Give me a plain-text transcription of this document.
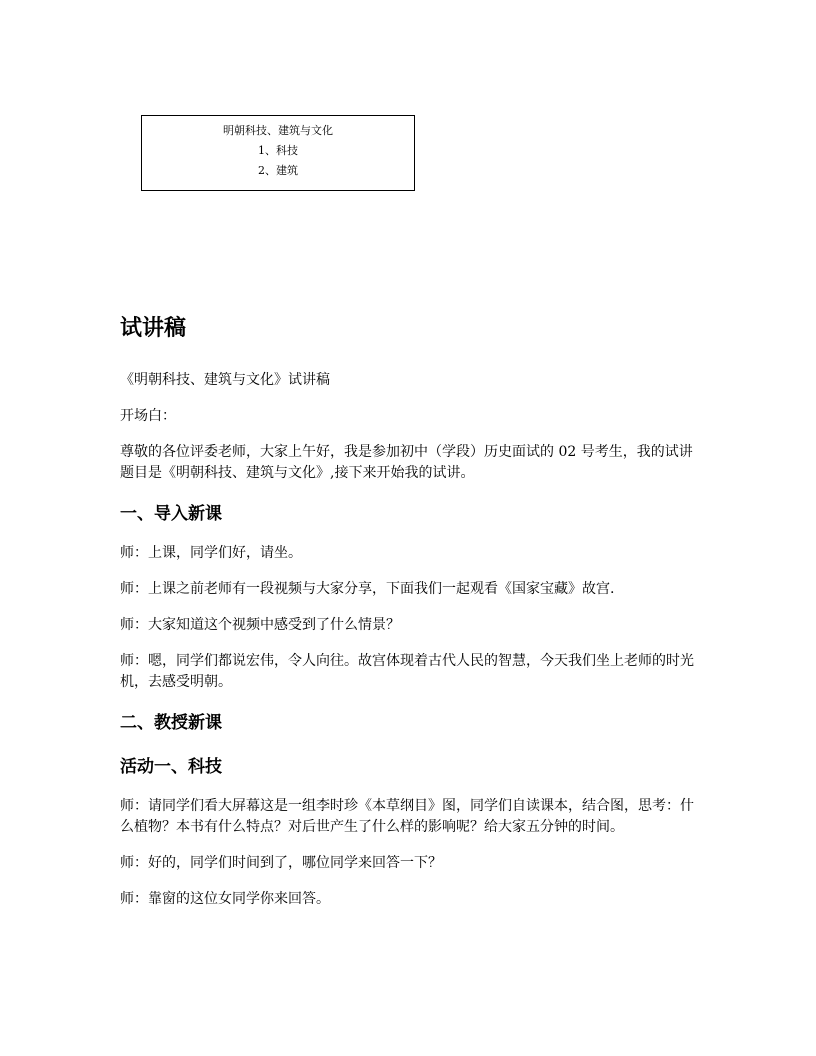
明朝科技、建筑与文化
1、科技
2、建筑
试讲稿

《明朝科技、建筑与文化》试讲稿

开场白：

尊敬的各位评委老师，大家上午好，我是参加初中（学段）历史面试的 02 号考生，我的试讲题目是《明朝科技、建筑与文化》,接下来开始我的试讲。

一、导入新课

师：上课，同学们好，请坐。

师：上课之前老师有一段视频与大家分享，下面我们一起观看《国家宝藏》故宫.

师：大家知道这个视频中感受到了什么情景？

师：嗯，同学们都说宏伟，令人向往。故宫体现着古代人民的智慧，今天我们坐上老师的时光机，去感受明朝。

二、教授新课
活动一、科技

师：请同学们看大屏幕这是一组李时珍《本草纲目》图，同学们自读课本，结合图，思考：什么植物？本书有什么特点？对后世产生了什么样的影响呢？给大家五分钟的时间。

师：好的，同学们时间到了，哪位同学来回答一下？

师：靠窗的这位女同学你来回答。
